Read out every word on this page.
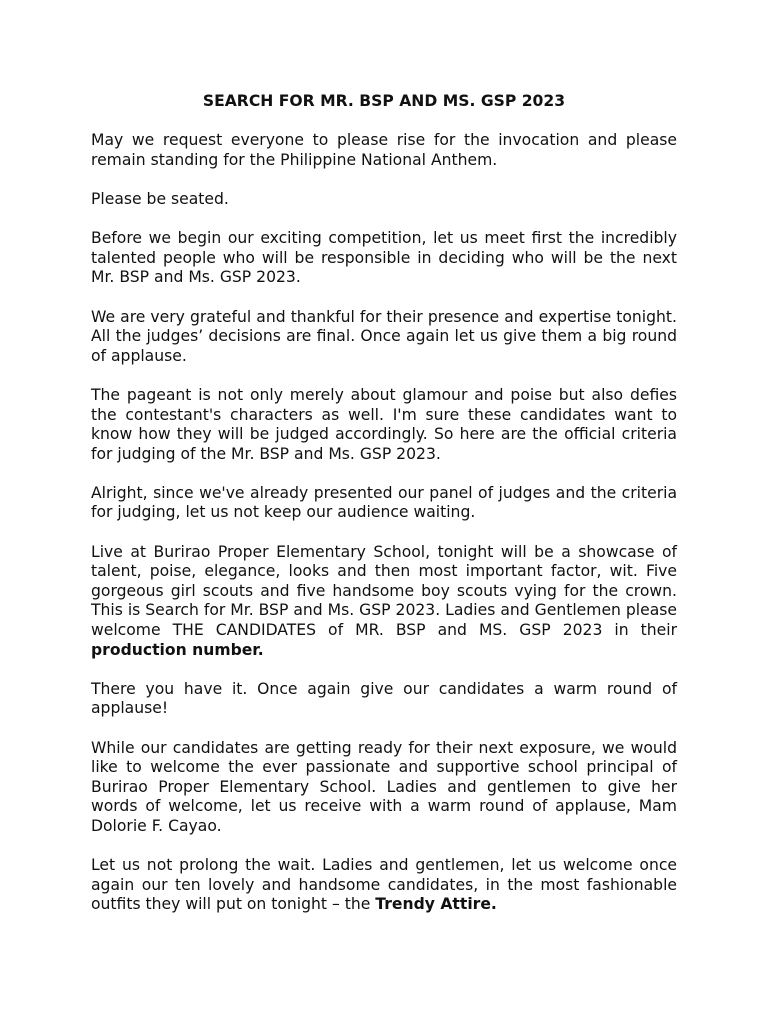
SEARCH FOR MR. BSP AND MS. GSP 2023

May we request everyone to please rise for the invocation and please remain standing for the Philippine National Anthem.

Please be seated.

Before we begin our exciting competition, let us meet first the incredibly talented people who will be responsible in deciding who will be the next Mr. BSP and Ms. GSP 2023.

We are very grateful and thankful for their presence and expertise tonight. All the judges’ decisions are final. Once again let us give them a big round of applause.

The pageant is not only merely about glamour and poise but also defies the contestant's characters as well. I'm sure these candidates want to know how they will be judged accordingly. So here are the official criteria for judging of the Mr. BSP and Ms. GSP 2023.

Alright, since we've already presented our panel of judges and the criteria for judging, let us not keep our audience waiting.

Live at Burirao Proper Elementary School, tonight will be a showcase of talent, poise, elegance, looks and then most important factor, wit. Five gorgeous girl scouts and five handsome boy scouts vying for the crown. This is Search for Mr. BSP and Ms. GSP 2023. Ladies and Gentlemen please welcome THE CANDIDATES of MR. BSP and MS. GSP 2023 in their production number.

There you have it. Once again give our candidates a warm round of applause!

While our candidates are getting ready for their next exposure, we would like to welcome the ever passionate and supportive school principal of Burirao Proper Elementary School. Ladies and gentlemen to give her words of welcome, let us receive with a warm round of applause, Mam Dolorie F. Cayao.

Let us not prolong the wait. Ladies and gentlemen, let us welcome once again our ten lovely and handsome candidates, in the most fashionable outfits they will put on tonight – the Trendy Attire.
